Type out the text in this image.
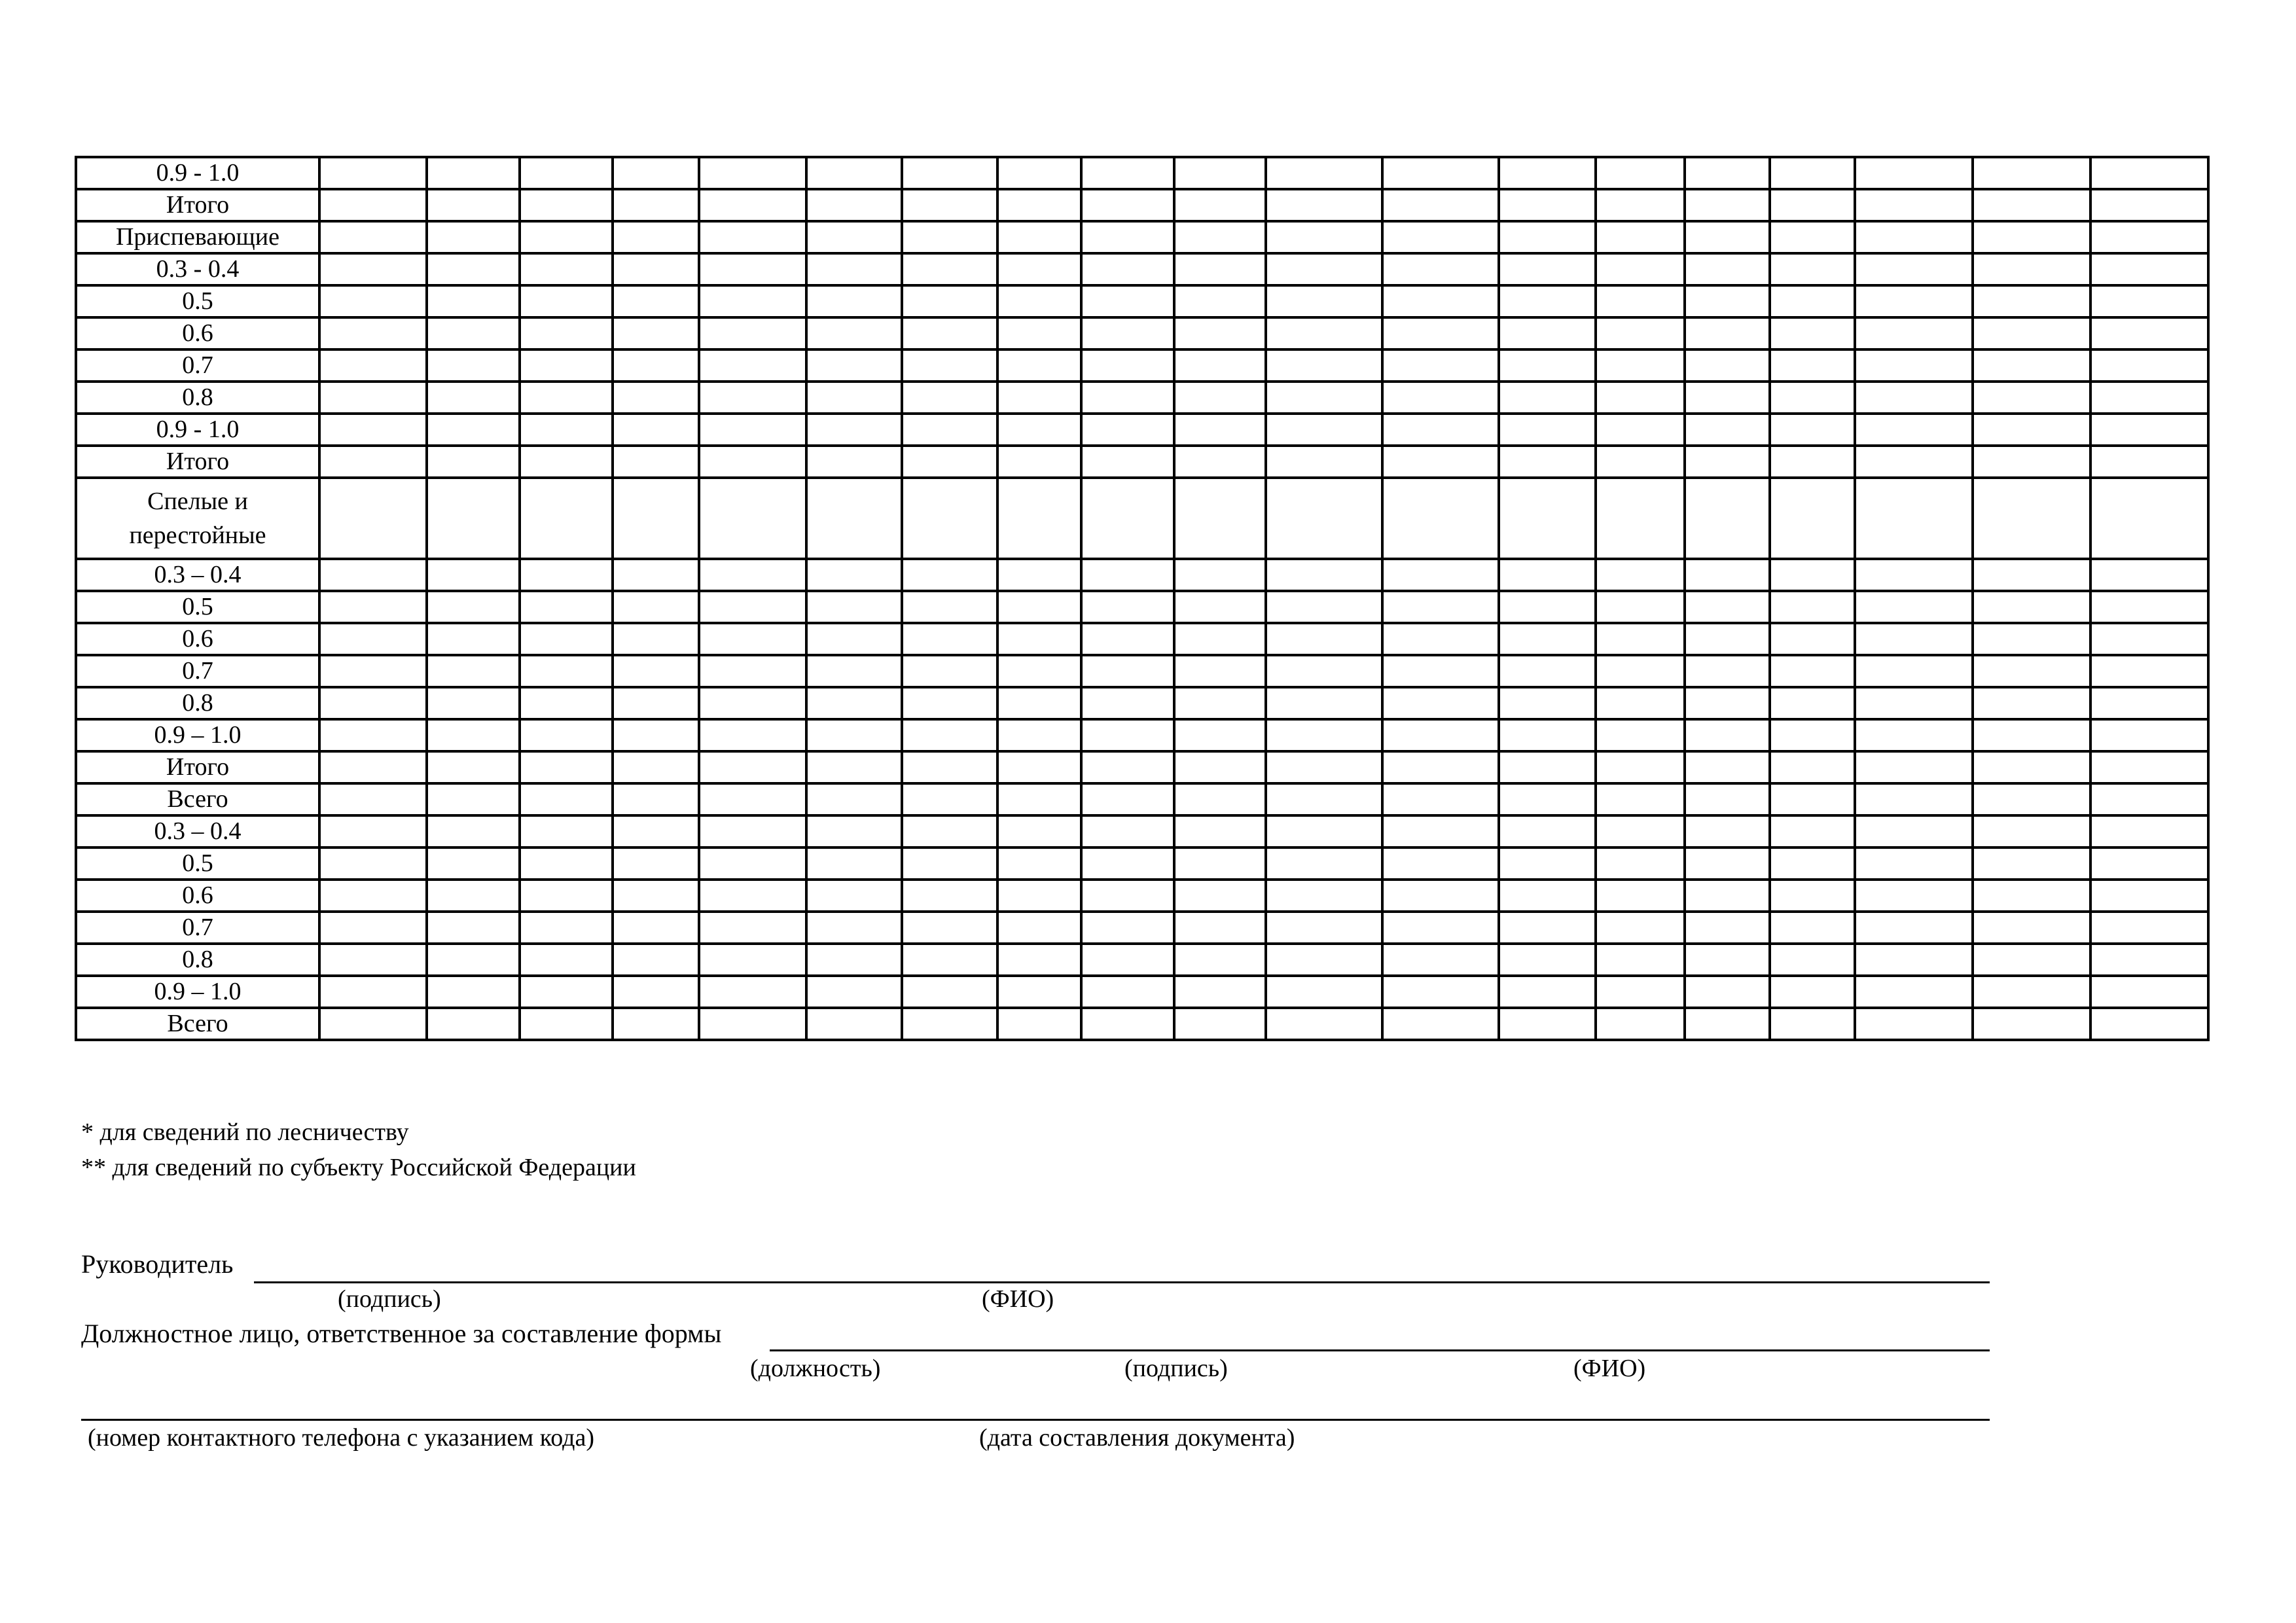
0.9 - 1.0																			
Итого																			
Приспевающие																			
0.3 - 0.4																			
0.5																			
0.6																			
0.7																			
0.8																			
0.9 - 1.0																			
Итого																			
Спелые и перестойные																			
0.3 – 0.4																			
0.5																			
0.6																			
0.7																			
0.8																			
0.9 – 1.0																			
Итого																			
Всего																			
0.3 – 0.4																			
0.5																			
0.6																			
0.7																			
0.8																			
0.9 – 1.0																			
Всего																			
* для сведений по лесничеству
** для сведений по субъекту Российской Федерации
Руководитель
(подпись)	(ФИО)
Должностное лицо, ответственное за составление формы
(должность)	(подпись)	(ФИО)
(номер контактного телефона с указанием кода)	(дата составления документа)
